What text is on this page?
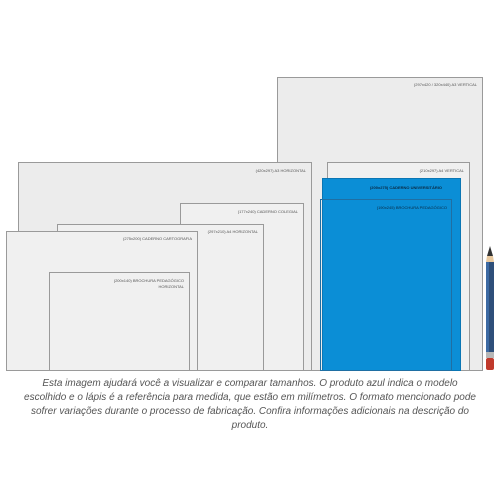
(297x420 / 320x440) A3 VERTICAL
(420x297) A3 HORIZONTAL	(210x297) A4 VERTICAL
(200x275) CADERNO UNIVERSITÁRIO
(190x245) BROCHURA PEDAGÓGICO
(177x240) CADERNO COLEGIAL
(297x210) A4 HORIZONTAL
(275x200) CADERNO CARTOGRAFIA
(200x140) BROCHURA PEDAGÓGICO
HORIZONTAL

Esta imagem ajudará você a visualizar e comparar tamanhos. O produto azul indica o modelo escolhido e o lápis é a referência para medida, que estão em milímetros. O formato mencionado pode sofrer variações durante o processo de fabricação. Confira informações adicionais na descrição do produto.
